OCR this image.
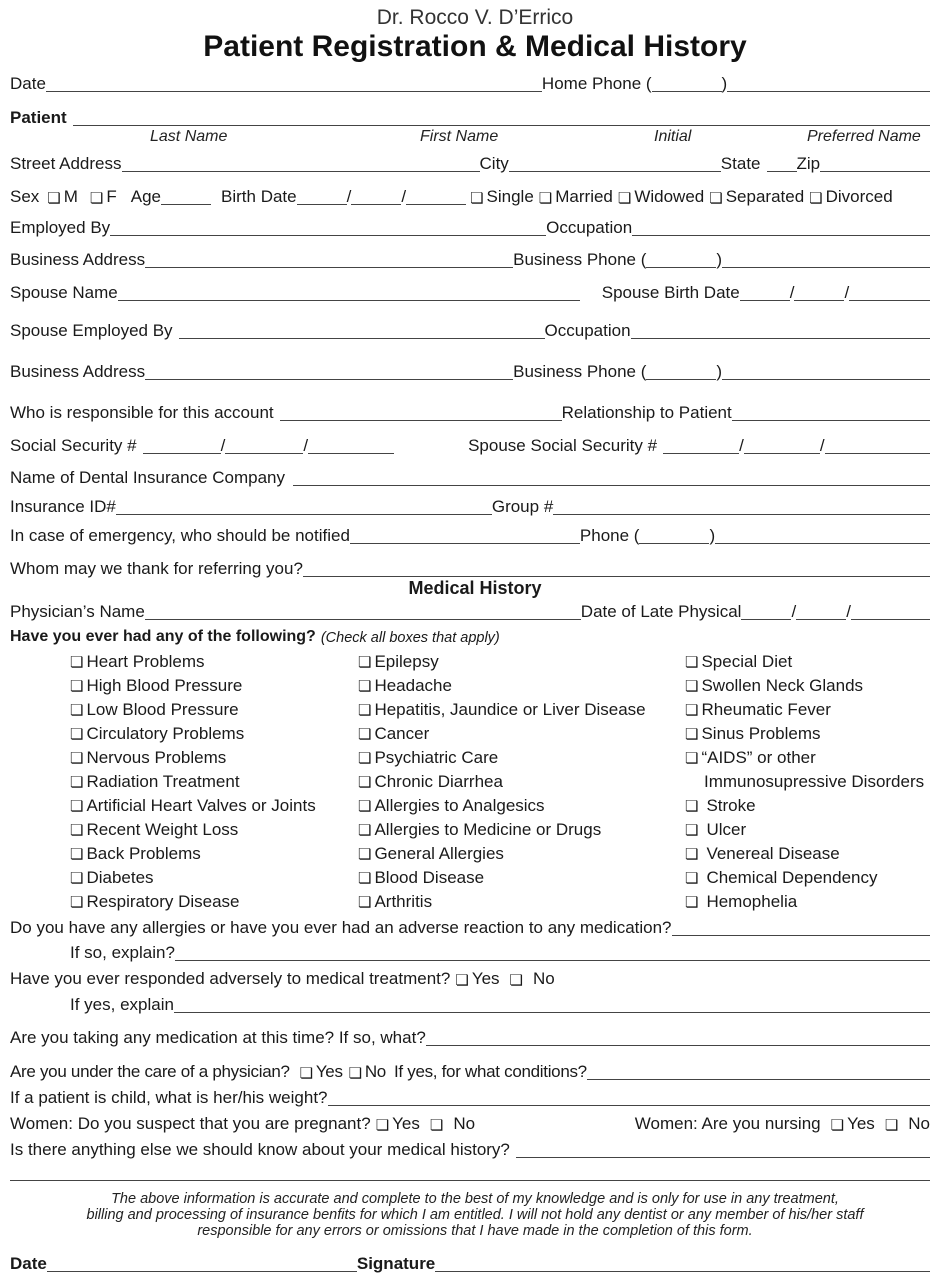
Dr. Rocco V. D’Errico
Patient Registration & Medical History
Date	Home Phone (	)
Patient
Last Name	First Name	Initial	Preferred Name
Street Address	City	State Zip
Sex ❏ M ❏ F Age	Birth Date	/	/	❏ Single ❏ Married ❏ Widowed ❏ Separated ❏ Divorced
Employed By	Occupation
Business Address	Business Phone (	)
Spouse Name	Spouse Birth Date	/	/
Spouse Employed By	Occupation
Business Address	Business Phone (	)
Who is responsible for this account	Relationship to Patient
Social Security #	/	/	Spouse Social Security #	/	/
Name of Dental Insurance Company
Insurance ID#	Group #
In case of emergency, who should be notified	Phone (	)
Whom may we thank for referring you?
Medical History
Physician’s Name	Date of Late Physical	/	/
Have you ever had any of the following? (Check all boxes that apply)
❏ Heart Problems
❏ High Blood Pressure
❏ Low Blood Pressure
❏ Circulatory Problems
❏ Nervous Problems
❏ Radiation Treatment
❏ Artificial Heart Valves or Joints
❏ Recent Weight Loss
❏ Back Problems
❏ Diabetes
❏ Respiratory Disease
❏ Epilepsy
❏ Headache
❏ Hepatitis, Jaundice or Liver Disease
❏ Cancer
❏ Psychiatric Care
❏ Chronic Diarrhea
❏ Allergies to Analgesics
❏ Allergies to Medicine or Drugs
❏ General Allergies
❏ Blood Disease
❏ Arthritis
❏ Special Diet
❏ Swollen Neck Glands
❏ Rheumatic Fever
❏ Sinus Problems
❏ “AIDS” or other
Immunosupressive Disorders
❏ Stroke
❏ Ulcer
❏ Venereal Disease
❏ Chemical Dependency
❏ Hemophelia
Do you have any allergies or have you ever had an adverse reaction to any medication?
If so, explain?
Have you ever responded adversely to medical treatment? ❏ Yes ❏ No
If yes, explain
Are you taking any medication at this time? If so, what?
Are you under the care of a physician? ❏ Yes ❏ No If yes, for what conditions?
If a patient is child, what is her/his weight?
Women: Do you suspect that you are pregnant? ❏ Yes ❏ No	Women: Are you nursing ❏ Yes ❏ No
Is there anything else we should know about your medical history?
The above information is accurate and complete to the best of my knowledge and is only for use in any treatment,
billing and processing of insurance benfits for which I am entitled. I will not hold any dentist or any member of his/her staff
responsible for any errors or omissions that I have made in the completion of this form.
Date	Signature
